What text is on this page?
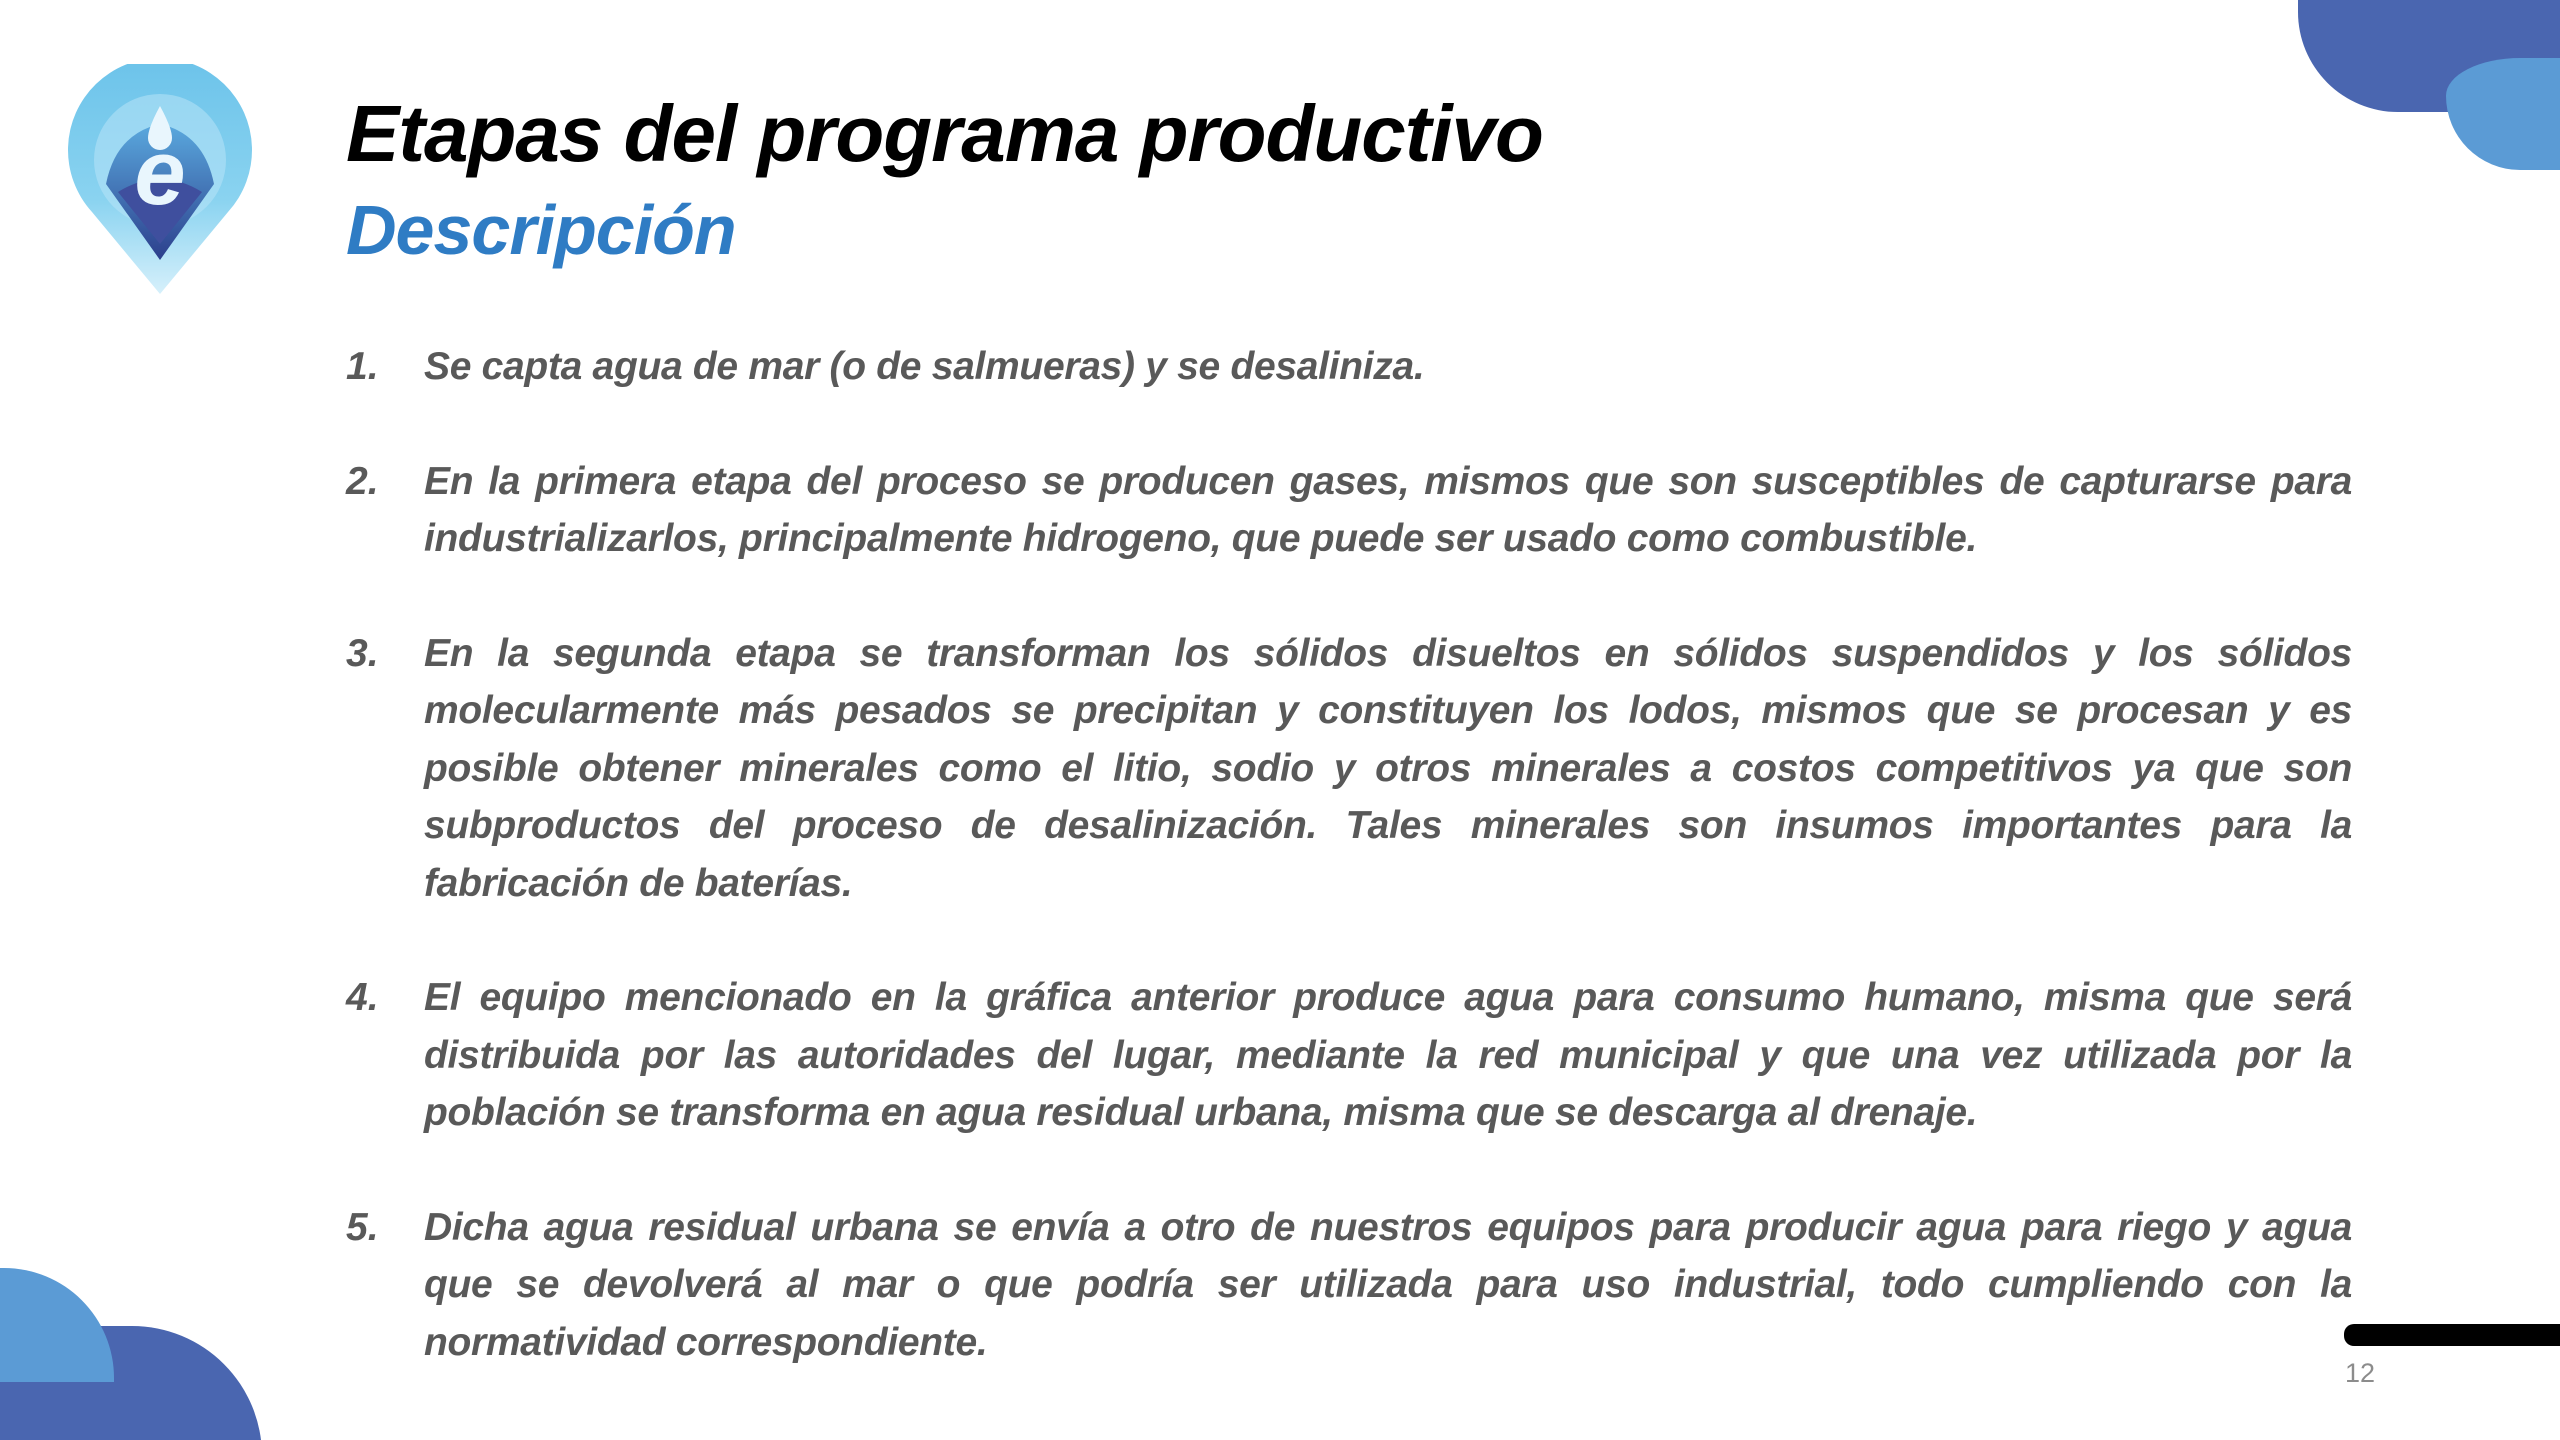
e Etapas del programa productivo
Descripción
1. Se capta agua de mar (o de salmueras) y se desaliniza.
2. En la primera etapa del proceso se producen gases, mismos que son susceptibles de capturarse para industrializarlos, principalmente hidrogeno, que puede ser usado como combustible.
3. En la segunda etapa se transforman los sólidos disueltos en sólidos suspendidos y los sólidos molecularmente más pesados se precipitan y constituyen los lodos, mismos que se procesan y es posible obtener minerales como el litio, sodio y otros minerales a costos competitivos ya que son subproductos del proceso de desalinización. Tales minerales son insumos importantes para la fabricación de baterías.
4. El equipo mencionado en la gráfica anterior produce agua para consumo humano, misma que será distribuida por las autoridades del lugar, mediante la red municipal y que una vez utilizada por la población se transforma en agua residual urbana, misma que se descarga al drenaje.
5. Dicha agua residual urbana se envía a otro de nuestros equipos para producir agua para riego y agua que se devolverá al mar o que podría ser utilizada para uso industrial, todo cumpliendo con la normatividad correspondiente.
12
